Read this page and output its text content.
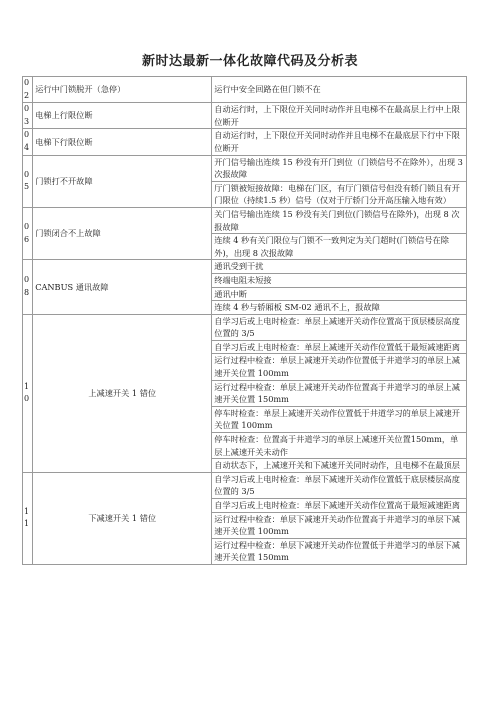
新时达最新一体化故障代码及分析表
02	运行中门锁脱开（急停）	运行中安全回路在但门锁不在
03	电梯上行限位断	自动运行时，上下限位开关同时动作并且电梯不在最高层上行中上限位断开
04	电梯下行限位断	自动运行时，上下限位开关同时动作并且电梯不在最底层下行中下限位断开
05	门锁打不开故障	开门信号输出连续 15 秒没有开门到位（门锁信号不在除外），出现 3 次报故障
		厅门锁被短接故障：电梯在门区，有厅门锁信号但没有轿门锁且有开门限位（持续1.5 秒）信号（仅对于厅轿门分开高压输入地有效）
06	门锁闭合不上故障	关门信号输出连续 15 秒没有关门到位(门锁信号在除外)，出现 8 次报故障
		连续 4 秒有关门限位与门锁不一致判定为关门超时(门锁信号在除外)，出现 8 次报故障
08	CANBUS 通讯故障	通讯受到干扰
		终端电阻未短接
		通讯中断
		连续 4 秒与轿厢板 SM-02 通讯不上，报故障
10	上减速开关 1 错位	自学习后或上电时检查：单层上减速开关动作位置高于顶层楼层高度位置的 3/5
		自学习后或上电时检查：单层上减速开关动作位置低于最短减速距离
		运行过程中检查：单层上减速开关动作位置低于井道学习的单层上减速开关位置 100mm
		运行过程中检查：单层上减速开关动作位置高于井道学习的单层上减速开关位置 150mm
		停车时检查：单层上减速开关动作位置低于井道学习的单层上减速开关位置 100mm
		停车时检查：位置高于井道学习的单层上减速开关位置150mm，单层上减速开关未动作
		自动状态下，上减速开关和下减速开关同时动作，且电梯不在最顶层
11	下减速开关 1 错位	自学习后或上电时检查：单层下减速开关动作位置低于底层楼层高度位置的 3/5
		自学习后或上电时检查：单层下减速开关动作位置高于最短减速距离
		运行过程中检查：单层下减速开关动作位置高于井道学习的单层下减速开关位置 100mm
		运行过程中检查：单层下减速开关动作位置低于井道学习的单层下减速开关位置 150mm
